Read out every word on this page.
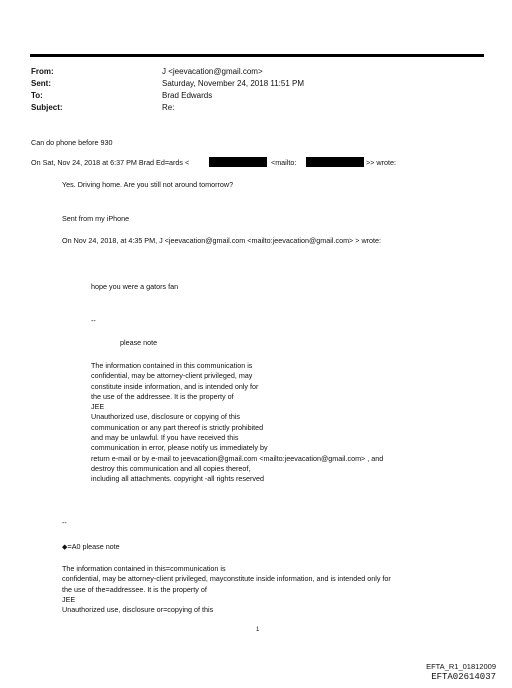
From:	J <jeevacation@gmail.com>
Sent:	Saturday, November 24, 2018 11:51 PM
To:	Brad Edwards
Subject:	Re:
Can do phone before 930
On Sat, Nov 24, 2018 at 6:37 PM Brad Ed=ards <	<mailto:	>> wrote:
Yes. Driving home. Are you still not around tomorrow?
Sent from my iPhone
On Nov 24, 2018, at 4:35 PM, J <jeevacation@gmail.com <mailto:jeevacation@gmail.com> > wrote:
hope you were a gators fan
--
please note
The information contained in this communication is
confidential, may be attorney-client privileged, may
constitute inside information, and is intended only for
the use of the addressee. It is the property of
JEE
Unauthorized use, disclosure or copying of this
communication or any part thereof is strictly prohibited
and may be unlawful. If you have received this
communication in error, please notify us immediately by
return e-mail or by e-mail to jeevacation@gmail.com <mailto:jeevacation@gmail.com> , and
destroy this communication and all copies thereof,
including all attachments. copyright -all rights reserved
--
◆=A0 please note
The information contained in this=communication is
confidential, may be attorney-client privileged, mayconstitute inside information, and is intended only for
the use of the=addressee. It is the property of
JEE
Unauthorized use, disclosure or=copying of this
1
EFTA_R1_01812009
EFTA02614037
